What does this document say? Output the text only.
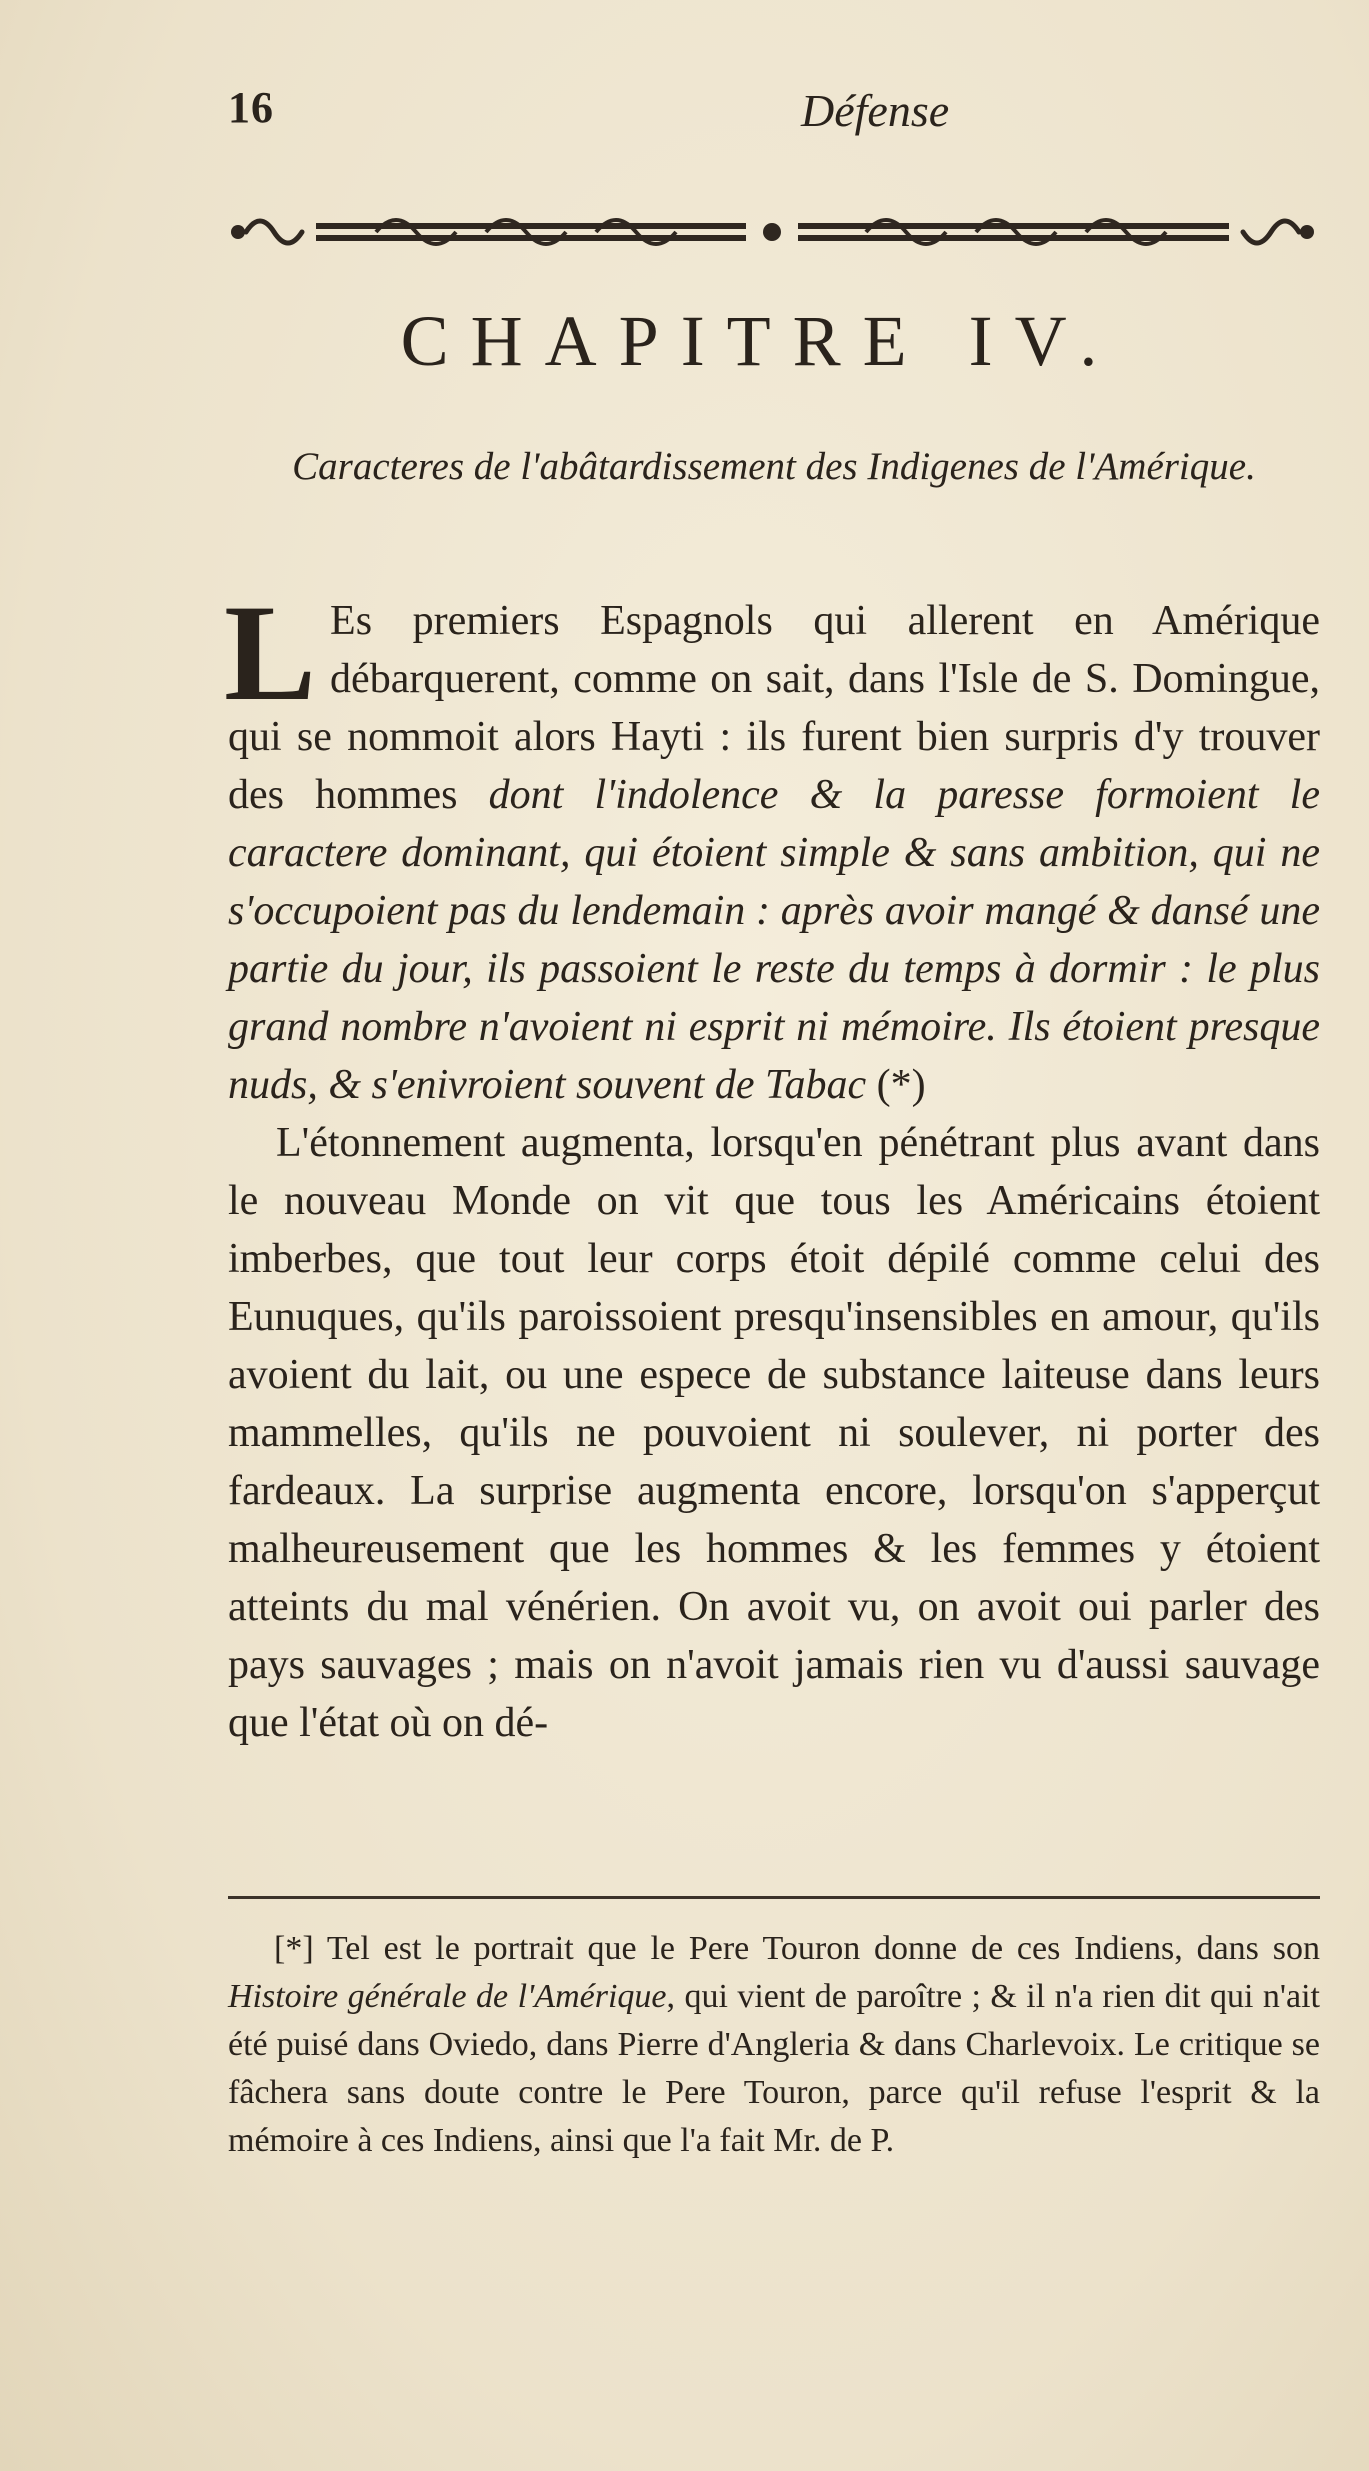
16	Défense
CHAPITRE IV.
Caracteres de l'abâtardissement des Indigenes de l'Amérique.

L Es premiers Espagnols qui allerent en Amérique débarquerent, comme on sait, dans l'Isle de S. Domingue, qui se nommoit alors Hayti : ils furent bien surpris d'y trouver des hommes dont l'indolence & la paresse formoient le caractere dominant, qui étoient simple & sans ambition, qui ne s'occupoient pas du lendemain : après avoir mangé & dansé une partie du jour, ils passoient le reste du temps à dormir : le plus grand nombre n'avoient ni esprit ni mémoire. Ils étoient presque nuds, & s'enivroient souvent de Tabac (*)

L'étonnement augmenta, lorsqu'en pénétrant plus avant dans le nouveau Monde on vit que tous les Américains étoient imberbes, que tout leur corps étoit dépilé comme celui des Eunuques, qu'ils paroissoient presqu'insensibles en amour, qu'ils avoient du lait, ou une espece de substance laiteuse dans leurs mammelles, qu'ils ne pouvoient ni soulever, ni porter des fardeaux. La surprise augmenta encore, lorsqu'on s'apperçut malheureusement que les hommes & les femmes y étoient atteints du mal vénérien. On avoit vu, on avoit oui parler des pays sauvages ; mais on n'avoit jamais rien vu d'aussi sauvage que l'état où on dé-

[*] Tel est le portrait que le Pere Touron donne de ces Indiens, dans son Histoire générale de l'Amérique, qui vient de paroître ; & il n'a rien dit qui n'ait été puisé dans Oviedo, dans Pierre d'Angleria & dans Charlevoix. Le critique se fâchera sans doute contre le Pere Touron, parce qu'il refuse l'esprit & la mémoire à ces Indiens, ainsi que l'a fait Mr. de P.
